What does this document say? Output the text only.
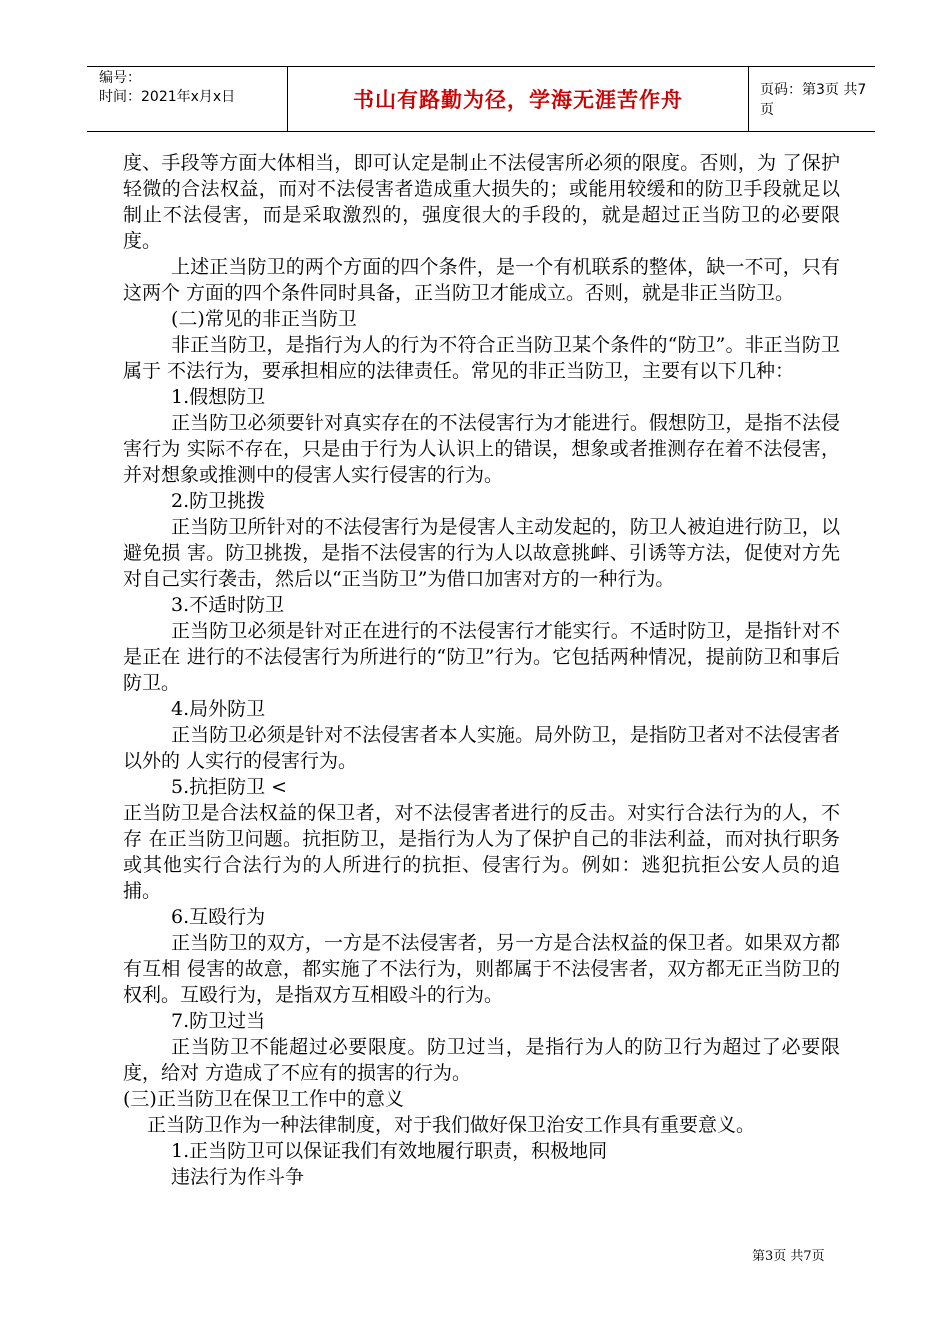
编号：
时间：2021年x月x日	书山有路勤为径，学海无涯苦作舟	页码：第3页 共7页

度、手段等方面大体相当，即可认定是制止不法侵害所必须的限度。否则，为 了保护轻微的合法权益，而对不法侵害者造成重大损失的；或能用较缓和的防卫手段就足以制止不法侵害，而是采取激烈的，强度很大的手段的，就是超过正当防卫的必要限度。

上述正当防卫的两个方面的四个条件，是一个有机联系的整体，缺一不可，只有这两个 方面的四个条件同时具备，正当防卫才能成立。否则，就是非正当防卫。

(二)常见的非正当防卫

非正当防卫，是指行为人的行为不符合正当防卫某个条件的“防卫”。非正当防卫属于 不法行为，要承担相应的法律责任。常见的非正当防卫，主要有以下几种：

1.假想防卫

正当防卫必须要针对真实存在的不法侵害行为才能进行。假想防卫，是指不法侵害行为 实际不存在，只是由于行为人认识上的错误，想象或者推测存在着不法侵害，并对想象或推测中的侵害人实行侵害的行为。

2.防卫挑拨

正当防卫所针对的不法侵害行为是侵害人主动发起的，防卫人被迫进行防卫，以避免损 害。防卫挑拨，是指不法侵害的行为人以故意挑衅、引诱等方法，促使对方先对自己实行袭击，然后以“正当防卫”为借口加害对方的一种行为。

3.不适时防卫

正当防卫必须是针对正在进行的不法侵害行才能实行。不适时防卫，是指针对不是正在 进行的不法侵害行为所进行的“防卫”行为。它包括两种情况，提前防卫和事后防卫。

4.局外防卫

正当防卫必须是针对不法侵害者本人实施。局外防卫，是指防卫者对不法侵害者以外的 人实行的侵害行为。

5.抗拒防卫 <

正当防卫是合法权益的保卫者，对不法侵害者进行的反击。对实行合法行为的人，不存 在正当防卫问题。抗拒防卫，是指行为人为了保护自己的非法利益，而对执行职务或其他实行合法行为的人所进行的抗拒、侵害行为。例如：逃犯抗拒公安人员的追捕。

6.互殴行为

正当防卫的双方，一方是不法侵害者，另一方是合法权益的保卫者。如果双方都有互相 侵害的故意，都实施了不法行为，则都属于不法侵害者，双方都无正当防卫的权利。互殴行为，是指双方互相殴斗的行为。

7.防卫过当

正当防卫不能超过必要限度。防卫过当，是指行为人的防卫行为超过了必要限度，给对 方造成了不应有的损害的行为。

(三)正当防卫在保卫工作中的意义

正当防卫作为一种法律制度，对于我们做好保卫治安工作具有重要意义。

1.正当防卫可以保证我们有效地履行职责，积极地同

违法行为作斗争

第3页 共7页
